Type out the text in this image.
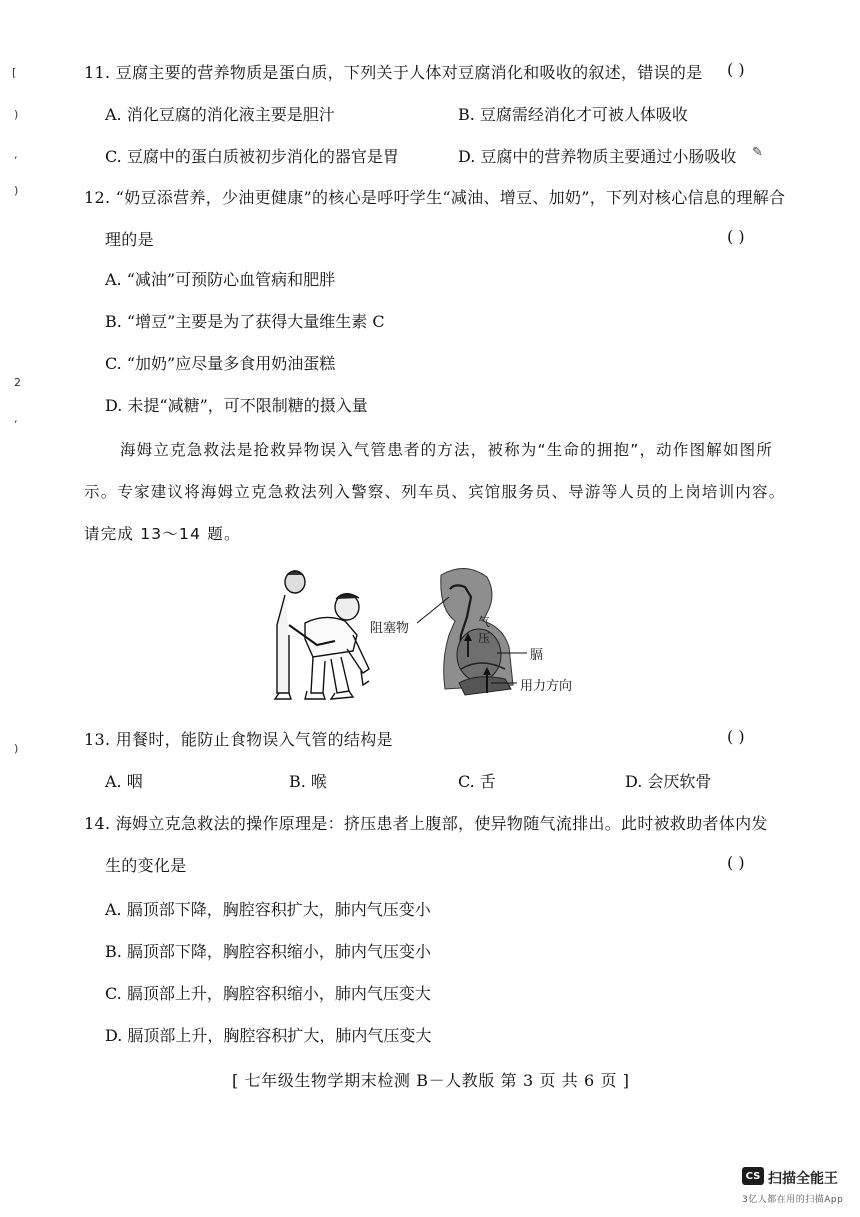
[
)
,
)
2
,
)
11. 豆腐主要的营养物质是蛋白质，下列关于人体对豆腐消化和吸收的叙述，错误的是 ( )
A. 消化豆腐的消化液主要是胆汁	B. 豆腐需经消化才可被人体吸收
C. 豆腐中的蛋白质被初步消化的器官是胃	D. 豆腐中的营养物质主要通过小肠吸收 ✎
12. “奶豆添营养，少油更健康”的核心是呼吁学生“减油、增豆、加奶”，下列对核心信息的理解合
理的是	( )
A. “减油”可预防心血管病和肥胖
B. “增豆”主要是为了获得大量维生素 C
C. “加奶”应尽量多食用奶油蛋糕
D. 未提“减糖”，可不限制糖的摄入量
海姆立克急救法是抢救异物误入气管患者的方法，被称为“生命的拥抱”，动作图解如图所
示。专家建议将海姆立克急救法列入警察、列车员、宾馆服务员、导游等人员的上岗培训内容。
请完成 13～14 题。
阻塞物	气压
膈
用力方向
13. 用餐时，能防止食物误入气管的结构是	( )
A. 咽	B. 喉	C. 舌	D. 会厌软骨
14. 海姆立克急救法的操作原理是：挤压患者上腹部，使异物随气流排出。此时被救助者体内发
生的变化是	( )
A. 膈顶部下降，胸腔容积扩大，肺内气压变小
B. 膈顶部下降，胸腔容积缩小，肺内气压变小
C. 膈顶部上升，胸腔容积缩小，肺内气压变大
D. 膈顶部上升，胸腔容积扩大，肺内气压变大
[ 七年级生物学期末检测 B－人教版 第 3 页 共 6 页 ]
CS 扫描全能王
3亿人都在用的扫描App
